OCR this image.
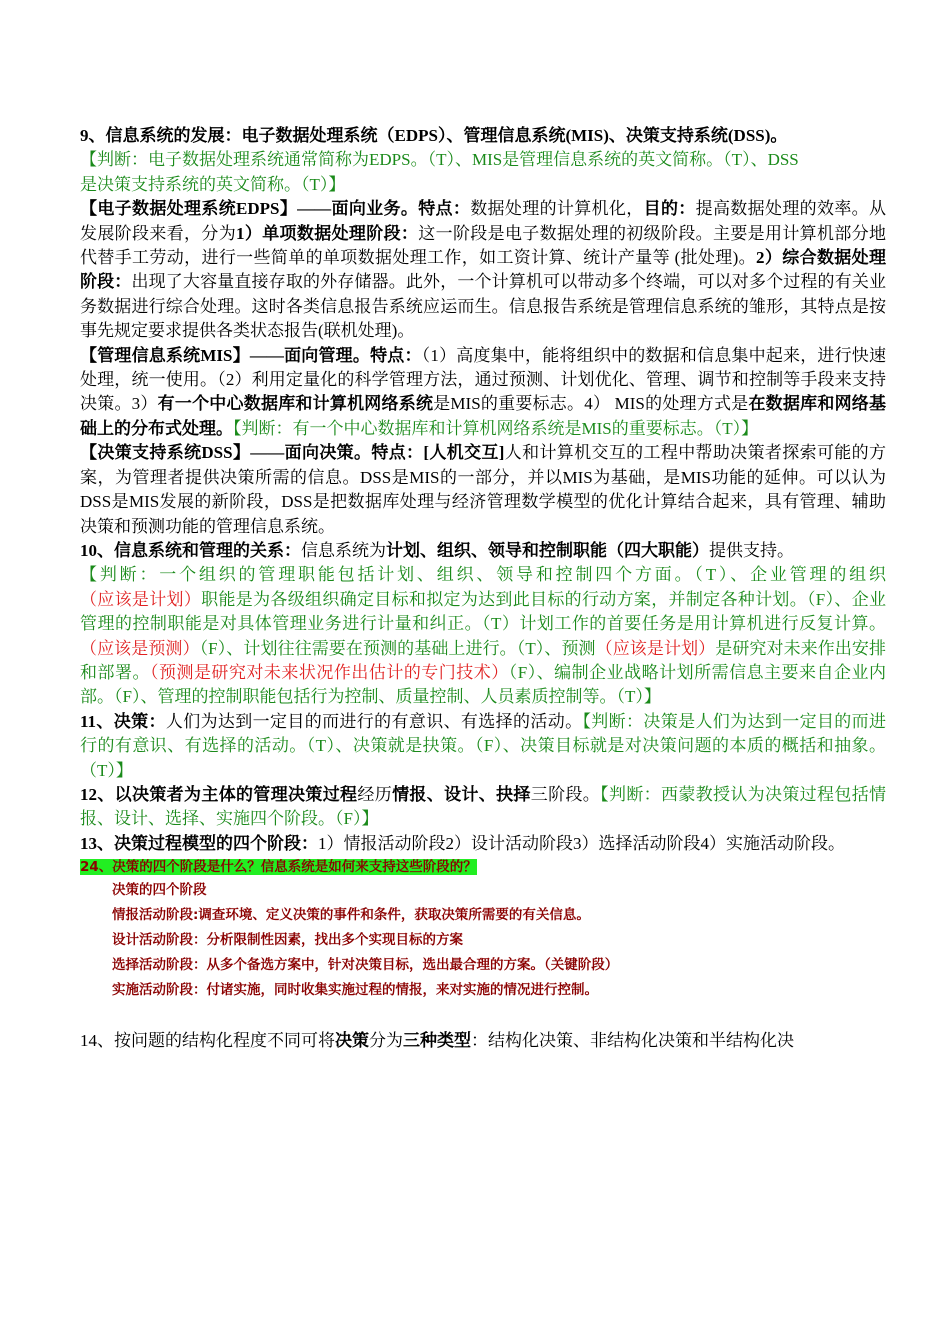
9、信息系统的发展：电子数据处理系统（EDPS）、管理信息系统(MIS)、决策支持系统(DSS)。

【判断：电子数据处理系统通常简称为EDPS。（T）、MIS是管理信息系统的英文简称。（T）、DSS

是决策支持系统的英文简称。（T）】

【电子数据处理系统EDPS】——面向业务。特点：数据处理的计算机化，目的：提高数据处理的效率。从发展阶段来看，分为1）单项数据处理阶段：这一阶段是电子数据处理的初级阶段。主要是用计算机部分地代替手工劳动，进行一些简单的单项数据处理工作，如工资计算、统计产量等 (批处理)。2）综合数据处理阶段：出现了大容量直接存取的外存储器。此外，一个计算机可以带动多个终端，可以对多个过程的有关业务数据进行综合处理。这时各类信息报告系统应运而生。信息报告系统是管理信息系统的雏形，其特点是按事先规定要求提供各类状态报告(联机处理)。

【管理信息系统MIS】——面向管理。特点：（1）高度集中，能将组织中的数据和信息集中起来，进行快速处理，统一使用。（2）利用定量化的科学管理方法，通过预测、计划优化、管理、调节和控制等手段来支持决策。3）有一个中心数据库和计算机网络系统是MIS的重要标志。4） MIS的处理方式是在数据库和网络基础上的分布式处理。【判断：有一个中心数据库和计算机网络系统是MIS的重要标志。（T）】

【决策支持系统DSS】——面向决策。特点：[人机交互]人和计算机交互的工程中帮助决策者探索可能的方案，为管理者提供决策所需的信息。DSS是MIS的一部分，并以MIS为基础，是MIS功能的延伸。可以认为DSS是MIS发展的新阶段，DSS是把数据库处理与经济管理数学模型的优化计算结合起来，具有管理、辅助决策和预测功能的管理信息系统。

10、信息系统和管理的关系：信息系统为计划、组织、领导和控制职能（四大职能）提供支持。

【判断：一个组织的管理职能包括计划、组织、领导和控制四个方面。（T）、企业管理的组织（应该是计划）职能是为各级组织确定目标和拟定为达到此目标的行动方案，并制定各种计划。（F）、企业管理的控制职能是对具体管理业务进行计量和纠正。（T）计划工作的首要任务是用计算机进行反复计算。（应该是预测）（F）、计划往往需要在预测的基础上进行。（T）、预测（应该是计划）是研究对未来作出安排和部署。（预测是研究对未来状况作出估计的专门技术）（F）、编制企业战略计划所需信息主要来自企业内部。（F）、管理的控制职能包括行为控制、质量控制、人员素质控制等。（T）】

11、决策：人们为达到一定目的而进行的有意识、有选择的活动。【判断：决策是人们为达到一定目的而进行的有意识、有选择的活动。（T）、决策就是抉策。（F）、决策目标就是对决策问题的本质的概括和抽象。（T）】

12、以决策者为主体的管理决策过程经历情报、设计、抉择三阶段。【判断：西蒙教授认为决策过程包括情报、设计、选择、实施四个阶段。（F）】

13、决策过程模型的四个阶段：1）情报活动阶段2）设计活动阶段3）选择活动阶段4）实施活动阶段。

24、决策的四个阶段是什么？信息系统是如何来支持这些阶段的？

决策的四个阶段

情报活动阶段:调查环境、定义决策的事件和条件，获取决策所需要的有关信息。

设计活动阶段：分析限制性因素，找出多个实现目标的方案

选择活动阶段：从多个备选方案中，针对决策目标，选出最合理的方案。（关键阶段）

实施活动阶段：付诸实施，同时收集实施过程的情报，来对实施的情况进行控制。

14、按问题的结构化程度不同可将决策分为三种类型：结构化决策、非结构化决策和半结构化决
